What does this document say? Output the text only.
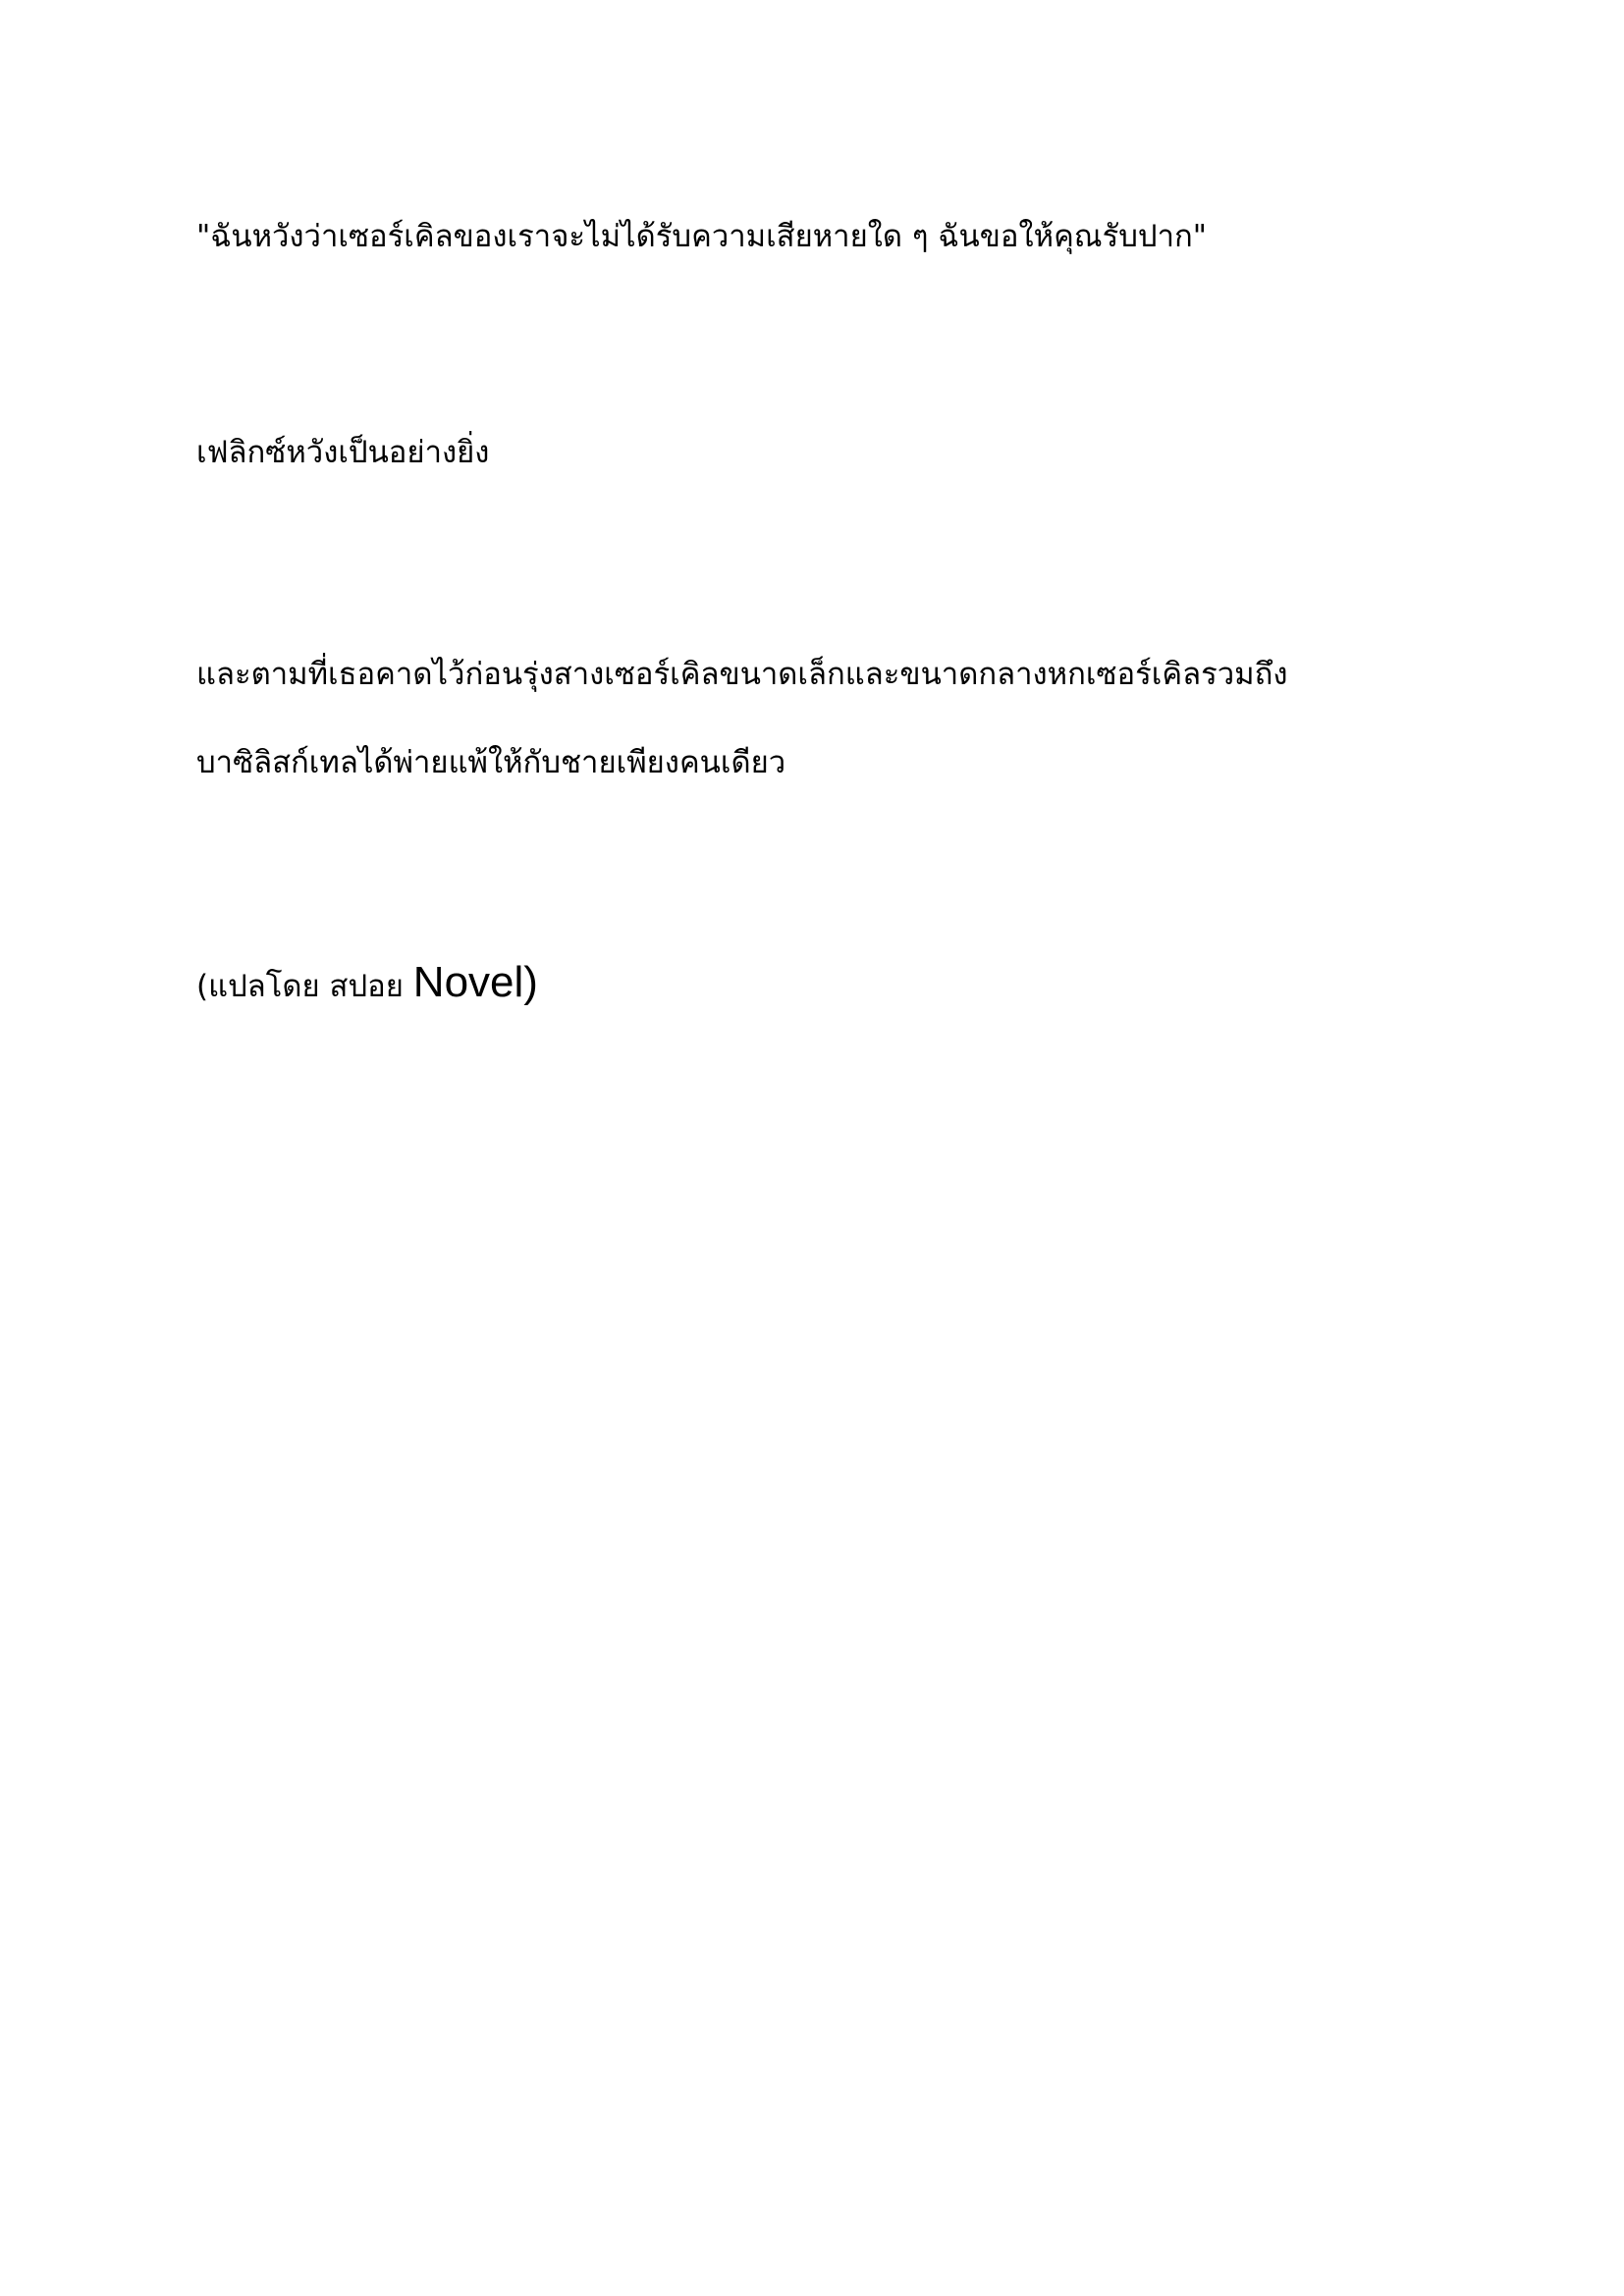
"ฉันหวังว่าเซอร์เคิลของเราจะไม่ได้รับความเสียหายใด ๆ ฉันขอให้คุณรับปาก"

เฟลิกซ์หวังเป็นอย่างยิ่ง

และตามที่เธอคาดไว้ก่อนรุ่งสางเซอร์เคิลขนาดเล็กและขนาดกลางหกเซอร์เคิลรวมถึง
บาซิลิสก์เทลได้พ่ายแพ้ให้กับชายเพียงคนเดียว

(แปลโดย สปอย Novel)
